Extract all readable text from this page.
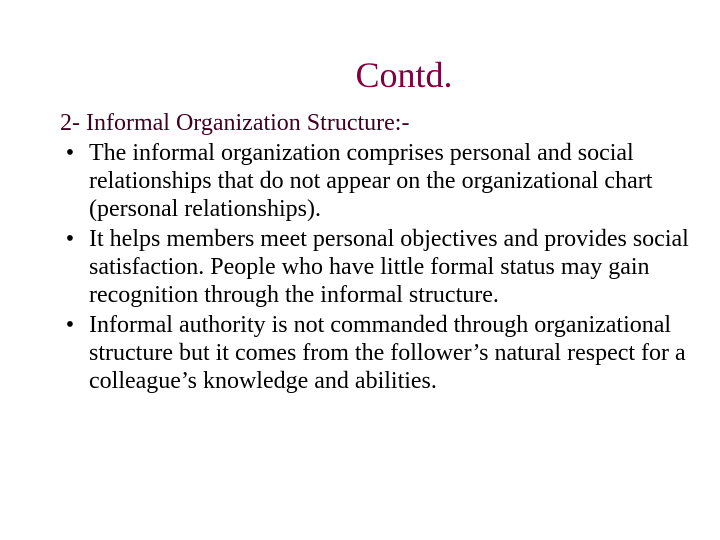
Contd.
2- Informal Organization Structure:-
• The informal organization comprises personal and social relationships that do not appear on the organizational chart (personal relationships).
• It helps members meet personal objectives and provides social satisfaction. People who have little formal status may gain recognition through the informal structure.
• Informal authority is not commanded through organizational structure but it comes from the follower’s natural respect for a colleague’s knowledge and abilities.
